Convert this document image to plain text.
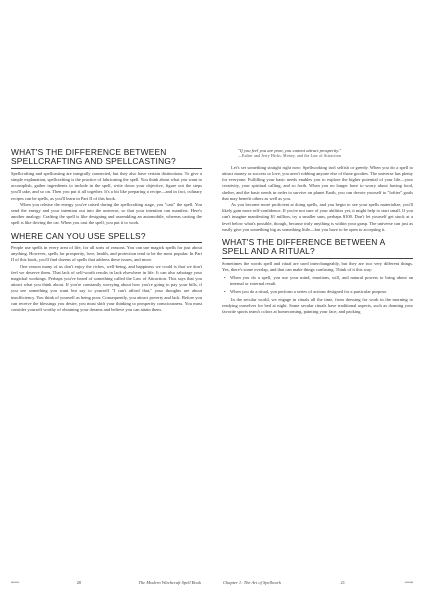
WHAT'S THE DIFFERENCE BETWEEN SPELLCRAFTING AND SPELLCASTING?

Spellcrafting and spellcasting are integrally connected, but they also have certain distinctions. To give a simple explanation, spellcrafting is the practice of fabricating the spell. You think about what you want to accomplish, gather ingredients to include in the spell, write down your objective, figure out the steps you'll take, and so on. Then you put it all together. It's a bit like preparing a recipe—and in fact, culinary recipes can be spells, as you'll learn in Part II of this book.

When you release the energy you've raised during the spellcrafting stage, you "cast" the spell. You send the energy and your intention out into the universe, so that your intention can manifest. Here's another analogy: Crafting the spell is like designing and assembling an automobile, whereas casting the spell is like driving the car. When you cast the spell, you put it to work.

WHERE CAN YOU USE SPELLS?

People use spells in every area of life, for all sorts of reasons. You can use magick spells for just about anything. However, spells for prosperity, love, health, and protection tend to be the most popular. In Part II of this book, you'll find dozens of spells that address these issues, and more.

One reason many of us don't enjoy the riches, well-being, and happiness we could is that we don't feel we deserve them. That lack of self-worth results in lack elsewhere in life. It can also sabotage your magickal workings. Perhaps you've heard of something called the Law of Attraction. This says that you attract what you think about. If you're constantly worrying about how you're going to pay your bills, if you see something you want but say to yourself "I can't afford that," your thoughts are about insufficiency. You think of yourself as being poor. Consequently, you attract poverty and lack. Before you can receive the blessings you desire, you must shift your thinking to prosperity consciousness. You must consider yourself worthy of obtaining your dreams and believe you can attain them.

⟵	20	The Modern Witchcraft Spell Book

"If you feel you are poor, you cannot attract prosperity."

—Esther and Jerry Hicks, Money, and the Law of Attraction

Let's set something straight right now: Spellworking isn't selfish or greedy. When you do a spell to attract money or success or love, you aren't robbing anyone else of those goodies. The universe has plenty for everyone. Fulfilling your basic needs enables you to explore the higher potential of your life—your creativity, your spiritual calling, and so forth. When you no longer have to worry about having food, shelter, and the basic needs in order to survive on planet Earth, you can devote yourself to "loftier" goals that may benefit others as well as you.

As you become more proficient at doing spells, and you begin to see your spells materialize, you'll likely gain more self-confidence. If you're not sure of your abilities yet, it might help to start small. If you can't imagine manifesting $1 million, try a smaller sum, perhaps $100. Don't let yourself get stuck at a level below what's possible, though, because truly anything is within your grasp. The universe can just as easily give you something big as something little—but you have to be open to accepting it.

WHAT'S THE DIFFERENCE BETWEEN A SPELL AND A RITUAL?

Sometimes the words spell and ritual are used interchangeably, but they are two very different things. Yes, there's some overlap, and that can make things confusing. Think of it this way:

• When you do a spell, you use your mind, emotions, will, and natural powers to bring about an internal or external result.
• When you do a ritual, you perform a series of actions designed for a particular purpose.

In the secular world, we engage in rituals all the time, from dressing for work in the morning to readying ourselves for bed at night. Some secular rituals have traditional aspects, such as donning your favorite sports team's colors at homecoming, painting your face, and packing

Chapter 1: The Art of Spellwork	21	⟶
